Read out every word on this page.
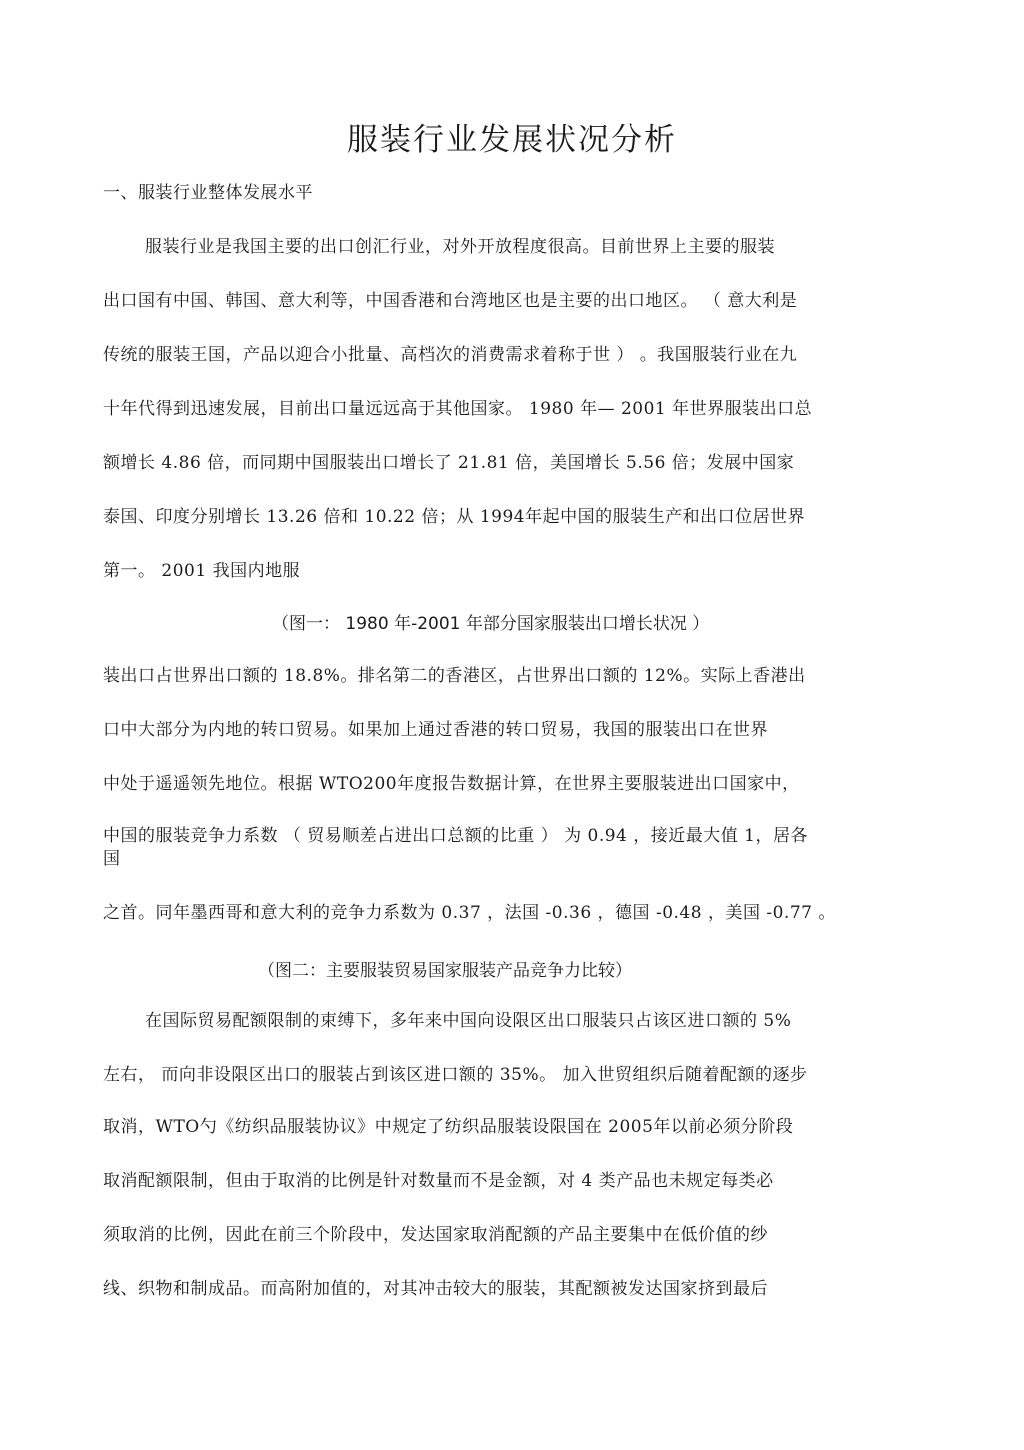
服装行业发展状况分析
一、服装行业整体发展水平
服装行业是我国主要的出口创汇行业，对外开放程度很高。目前世界上主要的服装
出口国有中国、韩国、意大利等，中国香港和台湾地区也是主要的出口地区。 （ 意大利是
传统的服装王国，产品以迎合小批量、高档次的消费需求着称于世 ） 。我国服装行业在九
十年代得到迅速发展，目前出口量远远高于其他国家。 1980 年— 2001 年世界服装出口总
额增长 4.86 倍，而同期中国服装出口增长了 21.81 倍，美国增长 5.56 倍；发展中国家
泰国、印度分别增长 13.26 倍和 10.22 倍；从 1994年起中国的服装生产和出口位居世界
第一。 2001 我国内地服
（图一： 1980 年-2001 年部分国家服装出口增长状况 ）
装出口占世界出口额的 18.8%。排名第二的香港区，占世界出口额的 12%。实际上香港出
口中大部分为内地的转口贸易。如果加上通过香港的转口贸易，我国的服装出口在世界
中处于遥遥领先地位。根据 WTO200年度报告数据计算，在世界主要服装进出口国家中，
中国的服装竞争力系数 （ 贸易顺差占进出口总额的比重 ） 为 0.94 ，接近最大值 1，居各
国
之首。同年墨西哥和意大利的竞争力系数为 0.37 ，法国 -0.36 ，德国 -0.48 ，美国 -0.77 。
（图二：主要服装贸易国家服装产品竞争力比较）
在国际贸易配额限制的束缚下，多年来中国向设限区出口服装只占该区进口额的 5%
左右， 而向非设限区出口的服装占到该区进口额的 35%。 加入世贸组织后随着配额的逐步
取消，WTO勺《纺织品服装协议》中规定了纺织品服装设限国在 2005年以前必须分阶段
取消配额限制，但由于取消的比例是针对数量而不是金额，对 4 类产品也未规定每类必
须取消的比例，因此在前三个阶段中，发达国家取消配额的产品主要集中在低价值的纱
线、织物和制成品。而高附加值的，对其冲击较大的服装，其配额被发达国家挤到最后
